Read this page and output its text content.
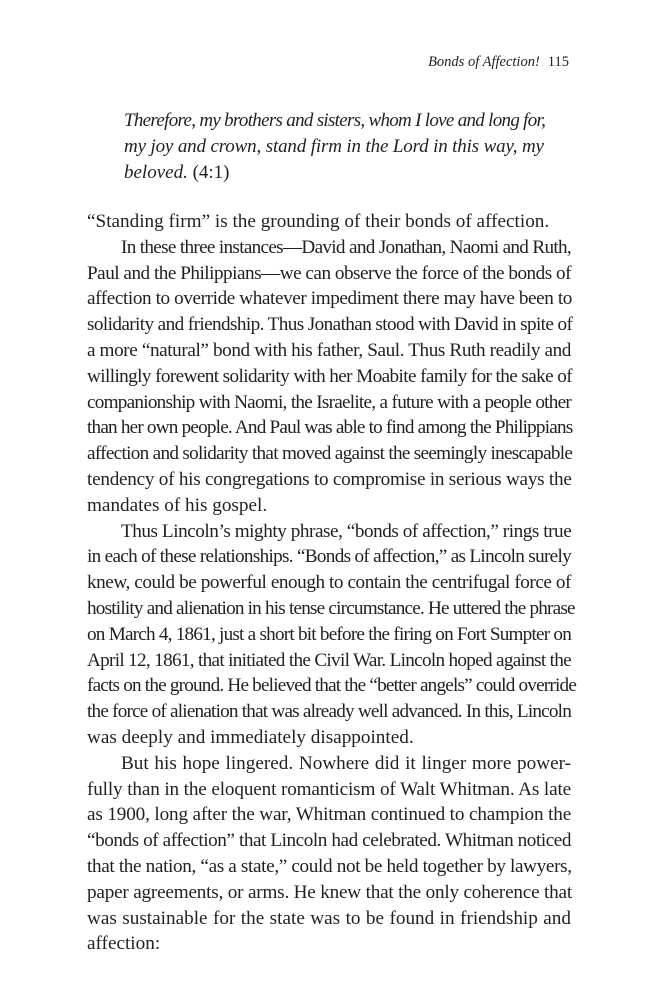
Bonds of Affection! 115
Therefore, my brothers and sisters, whom I love and long for,
my joy and crown, stand firm in the Lord in this way, my
beloved. (4:1)
“Standing firm” is the grounding of their bonds of affection.
In these three instances—David and Jonathan, Naomi and Ruth,
Paul and the Philippians—we can observe the force of the bonds of
affection to override whatever impediment there may have been to
solidarity and friendship. Thus Jonathan stood with David in spite of
a more “natural” bond with his father, Saul. Thus Ruth readily and
willingly forewent solidarity with her Moabite family for the sake of
companionship with Naomi, the Israelite, a future with a people other
than her own people. And Paul was able to find among the Philippians
affection and solidarity that moved against the seemingly inescapable
tendency of his congregations to compromise in serious ways the
mandates of his gospel.
Thus Lincoln’s mighty phrase, “bonds of affection,” rings true
in each of these relationships. “Bonds of affection,” as Lincoln surely
knew, could be powerful enough to contain the centrifugal force of
hostility and alienation in his tense circumstance. He uttered the phrase
on March 4, 1861, just a short bit before the firing on Fort Sumpter on
April 12, 1861, that initiated the Civil War. Lincoln hoped against the
facts on the ground. He believed that the “better angels” could override
the force of alienation that was already well advanced. In this, Lincoln
was deeply and immediately disappointed.
But his hope lingered. Nowhere did it linger more power-
fully than in the eloquent romanticism of Walt Whitman. As late
as 1900, long after the war, Whitman continued to champion the
“bonds of affection” that Lincoln had celebrated. Whitman noticed
that the nation, “as a state,” could not be held together by lawyers,
paper agreements, or arms. He knew that the only coherence that
was sustainable for the state was to be found in friendship and
affection:
